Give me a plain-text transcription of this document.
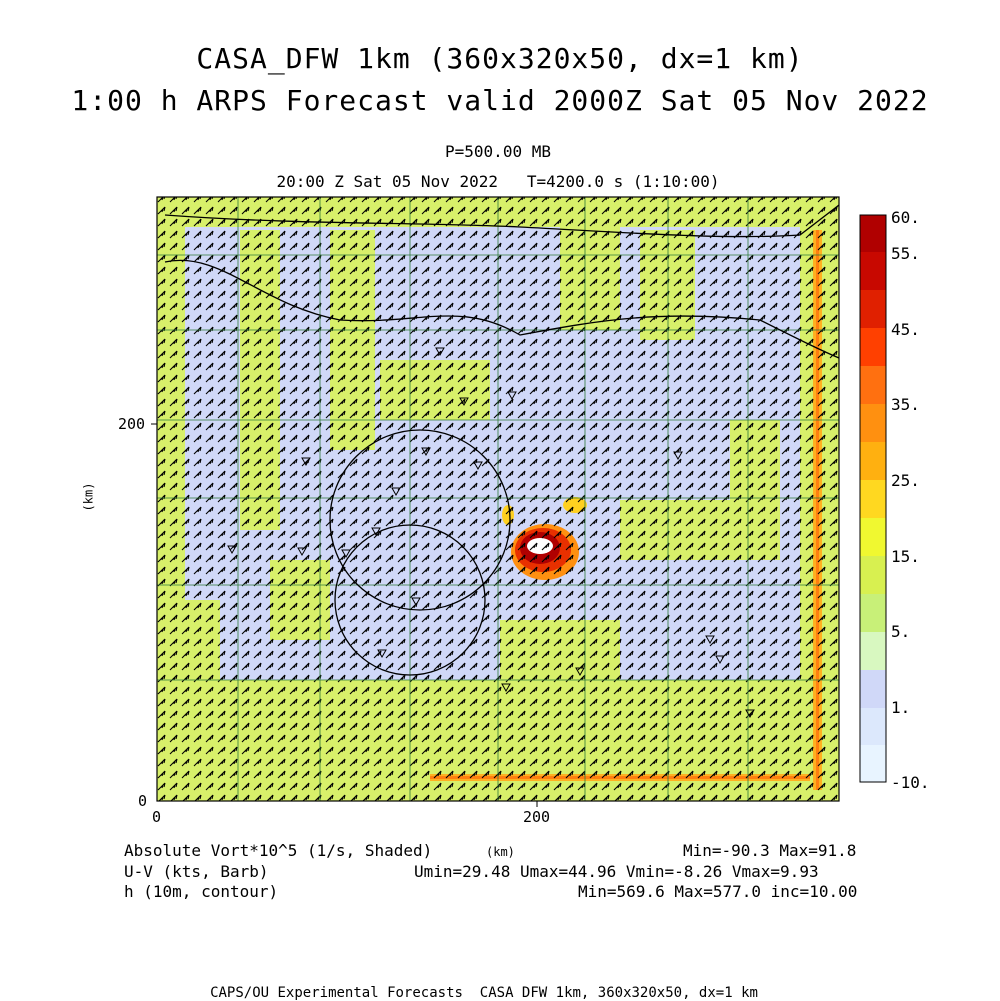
CASA_DFW 1km (360x320x50, dx=1 km)
1:00 h ARPS Forecast valid 2000Z Sat 05 Nov 2022
P=500.00 MB
20:00 Z Sat 05 Nov 2022   T=4200.0 s (1:10:00)
60.
55.
45.
35.
25.
15.
5.
1.
-10.
0	200
0
200
(km)
(km)
Absolute Vort*10^5 (1/s, Shaded)	Min=-90.3 Max=91.8
U-V (kts, Barb)	Umin=29.48 Umax=44.96 Vmin=-8.26 Vmax=9.93
h (10m, contour)	Min=569.6 Max=577.0 inc=10.00
CAPS/OU Experimental Forecasts  CASA DFW 1km, 360x320x50, dx=1 km
